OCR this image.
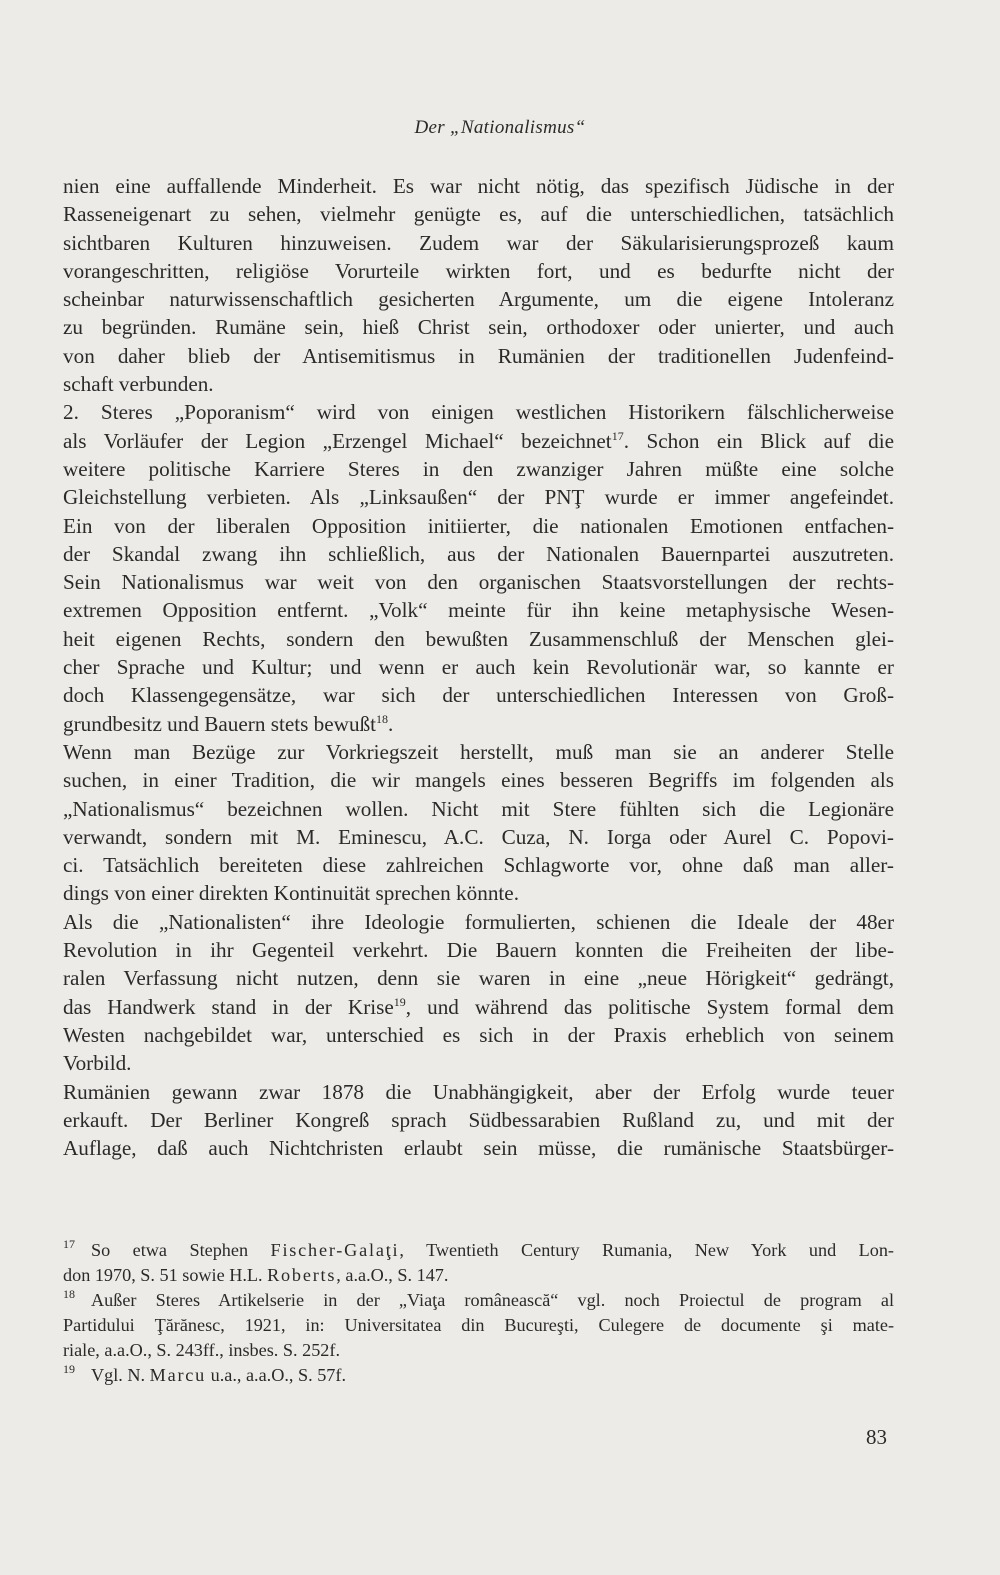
Der „Nationalismus“
nien eine auffallende Minderheit. Es war nicht nötig, das spezifisch Jüdische in der
Rasseneigenart zu sehen, vielmehr genügte es, auf die unterschiedlichen, tatsächlich
sichtbaren Kulturen hinzuweisen. Zudem war der Säkularisierungsprozeß kaum
vorangeschritten, religiöse Vorurteile wirkten fort, und es bedurfte nicht der
scheinbar naturwissenschaftlich gesicherten Argumente, um die eigene Intoleranz
zu begründen. Rumäne sein, hieß Christ sein, orthodoxer oder unierter, und auch
von daher blieb der Antisemitismus in Rumänien der traditionellen Judenfeind-
schaft verbunden.
2. Steres „Poporanism“ wird von einigen westlichen Historikern fälschlicherweise
als Vorläufer der Legion „Erzengel Michael“ bezeichnet$^{17}$. Schon ein Blick auf die
weitere politische Karriere Steres in den zwanziger Jahren müßte eine solche
Gleichstellung verbieten. Als „Linksaußen“ der PNŢ wurde er immer angefeindet.
Ein von der liberalen Opposition initiierter, die nationalen Emotionen entfachen-
der Skandal zwang ihn schließlich, aus der Nationalen Bauernpartei auszutreten.
Sein Nationalismus war weit von den organischen Staatsvorstellungen der rechts-
extremen Opposition entfernt. „Volk“ meinte für ihn keine metaphysische Wesen-
heit eigenen Rechts, sondern den bewußten Zusammenschluß der Menschen glei-
cher Sprache und Kultur; und wenn er auch kein Revolutionär war, so kannte er
doch Klassengegensätze, war sich der unterschiedlichen Interessen von Groß-
grundbesitz und Bauern stets bewußt$^{18}$.
Wenn man Bezüge zur Vorkriegszeit herstellt, muß man sie an anderer Stelle
suchen, in einer Tradition, die wir mangels eines besseren Begriffs im folgenden als
„Nationalismus“ bezeichnen wollen. Nicht mit Stere fühlten sich die Legionäre
verwandt, sondern mit M. Eminescu, A.C. Cuza, N. Iorga oder Aurel C. Popovi-
ci. Tatsächlich bereiteten diese zahlreichen Schlagworte vor, ohne daß man aller-
dings von einer direkten Kontinuität sprechen könnte.
Als die „Nationalisten“ ihre Ideologie formulierten, schienen die Ideale der 48er
Revolution in ihr Gegenteil verkehrt. Die Bauern konnten die Freiheiten der libe-
ralen Verfassung nicht nutzen, denn sie waren in eine „neue Hörigkeit“ gedrängt,
das Handwerk stand in der Krise$^{19}$, und während das politische System formal dem
Westen nachgebildet war, unterschied es sich in der Praxis erheblich von seinem
Vorbild.
Rumänien gewann zwar 1878 die Unabhängigkeit, aber der Erfolg wurde teuer
erkauft. Der Berliner Kongreß sprach Südbessarabien Rußland zu, und mit der
Auflage, daß auch Nichtchristen erlaubt sein müsse, die rumänische Staatsbürger-
17 So etwa Stephen Fischer-Galaţi, Twentieth Century Rumania, New York und Lon-
don 1970, S. 51 sowie H.L. Roberts, a.a.O., S. 147.
18 Außer Steres Artikelserie in der „Viaţa românească“ vgl. noch Proiectul de program al
Partidului Ţărănesc, 1921, in: Universitatea din Bucureşti, Culegere de documente şi mate-
riale, a.a.O., S. 243ff., insbes. S. 252f.
19 Vgl. N. Marcu u.a., a.a.O., S. 57f.
83
